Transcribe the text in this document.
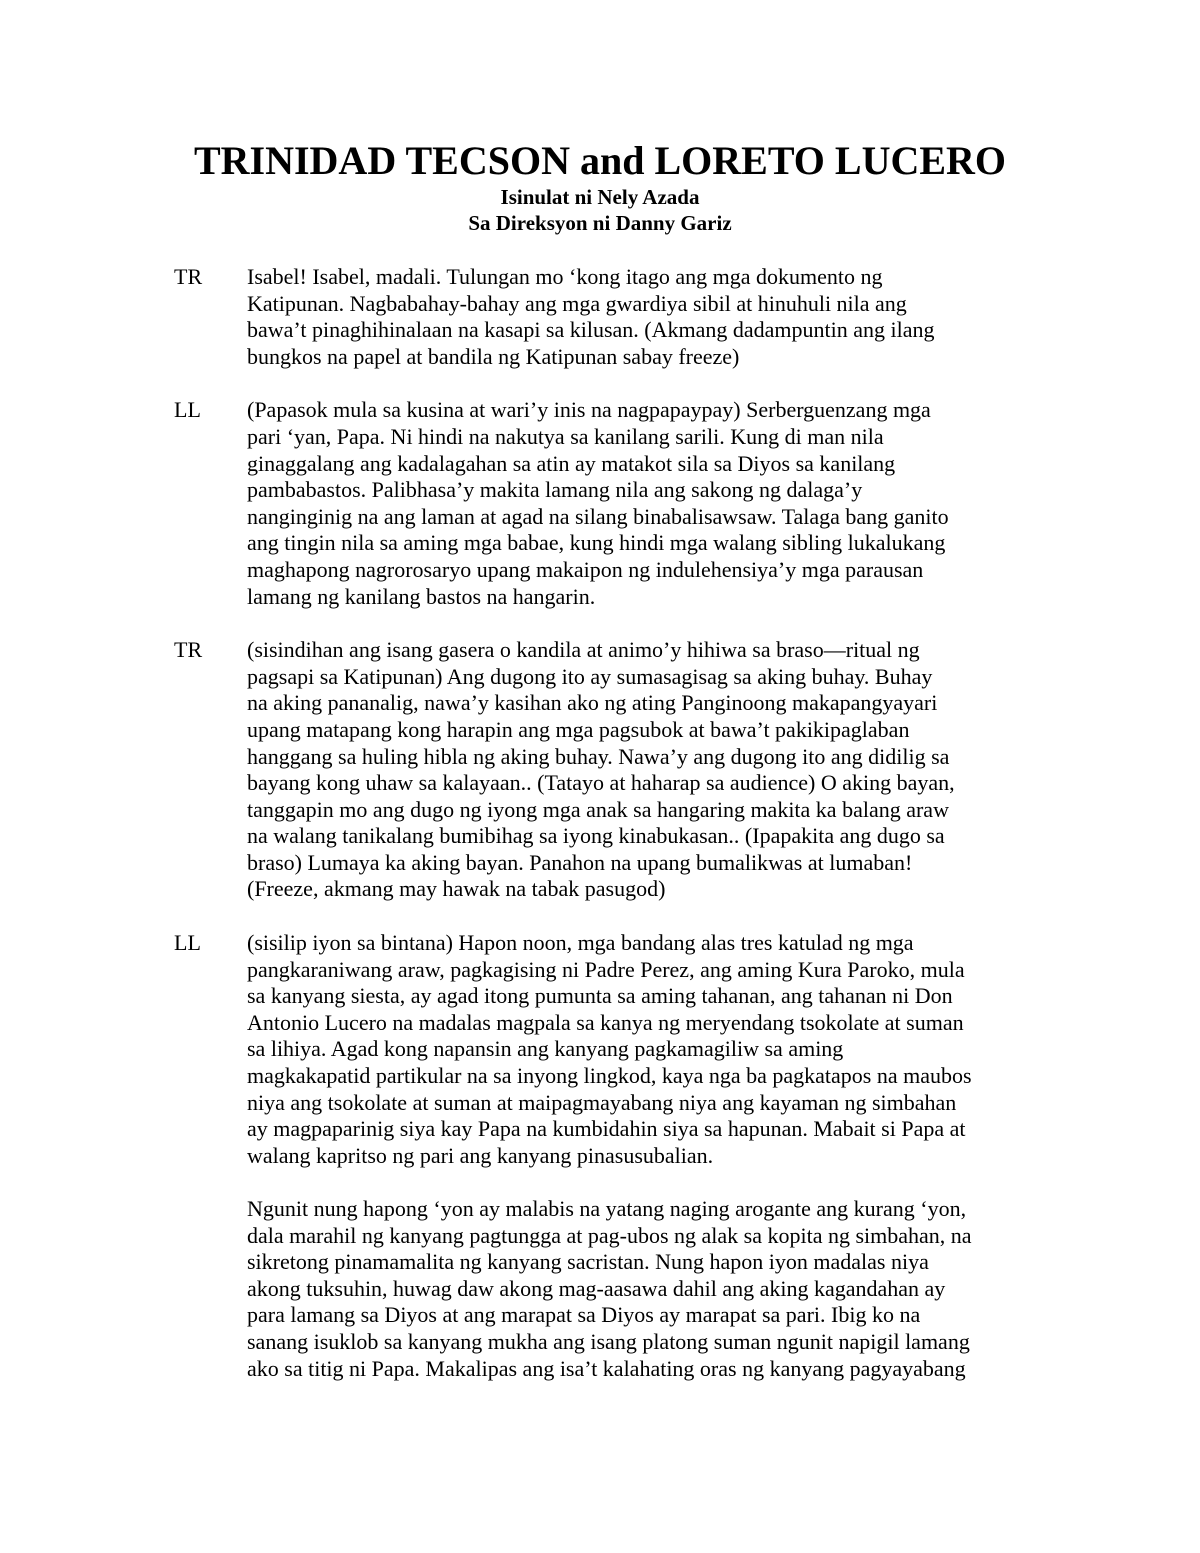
TRINIDAD TECSON and LORETO LUCERO
Isinulat ni Nely Azada
Sa Direksyon ni Danny Gariz
TR	Isabel! Isabel, madali. Tulungan mo ‘kong itago ang mga dokumento ng
Katipunan. Nagbabahay-bahay ang mga gwardiya sibil at hinuhuli nila ang
bawa’t pinaghihinalaan na kasapi sa kilusan. (Akmang dadampuntin ang ilang
bungkos na papel at bandila ng Katipunan sabay freeze)
LL	(Papasok mula sa kusina at wari’y inis na nagpapaypay) Serberguenzang mga
pari ‘yan, Papa. Ni hindi na nakutya sa kanilang sarili. Kung di man nila
ginaggalang ang kadalagahan sa atin ay matakot sila sa Diyos sa kanilang
pambabastos. Palibhasa’y makita lamang nila ang sakong ng dalaga’y
nanginginig na ang laman at agad na silang binabalisawsaw. Talaga bang ganito
ang tingin nila sa aming mga babae, kung hindi mga walang sibling lukalukang
maghapong nagrorosaryo upang makaipon ng indulehensiya’y mga parausan
lamang ng kanilang bastos na hangarin.
TR	(sisindihan ang isang gasera o kandila at animo’y hihiwa sa braso—ritual ng
pagsapi sa Katipunan) Ang dugong ito ay sumasagisag sa aking buhay. Buhay
na aking pananalig, nawa’y kasihan ako ng ating Panginoong makapangyayari
upang matapang kong harapin ang mga pagsubok at bawa’t pakikipaglaban
hanggang sa huling hibla ng aking buhay. Nawa’y ang dugong ito ang didilig sa
bayang kong uhaw sa kalayaan.. (Tatayo at haharap sa audience) O aking bayan,
tanggapin mo ang dugo ng iyong mga anak sa hangaring makita ka balang araw
na walang tanikalang bumibihag sa iyong kinabukasan.. (Ipapakita ang dugo sa
braso) Lumaya ka aking bayan. Panahon na upang bumalikwas at lumaban!
(Freeze, akmang may hawak na tabak pasugod)
LL	(sisilip iyon sa bintana) Hapon noon, mga bandang alas tres katulad ng mga
pangkaraniwang araw, pagkagising ni Padre Perez, ang aming Kura Paroko, mula
sa kanyang siesta, ay agad itong pumunta sa aming tahanan, ang tahanan ni Don
Antonio Lucero na madalas magpala sa kanya ng meryendang tsokolate at suman
sa lihiya. Agad kong napansin ang kanyang pagkamagiliw sa aming
magkakapatid partikular na sa inyong lingkod, kaya nga ba pagkatapos na maubos
niya ang tsokolate at suman at maipagmayabang niya ang kayaman ng simbahan
ay magpaparinig siya kay Papa na kumbidahin siya sa hapunan. Mabait si Papa at
walang kapritso ng pari ang kanyang pinasusubalian.
Ngunit nung hapong ‘yon ay malabis na yatang naging arogante ang kurang ‘yon,
dala marahil ng kanyang pagtungga at pag-ubos ng alak sa kopita ng simbahan, na
sikretong pinamamalita ng kanyang sacristan. Nung hapon iyon madalas niya
akong tuksuhin, huwag daw akong mag-aasawa dahil ang aking kagandahan ay
para lamang sa Diyos at ang marapat sa Diyos ay marapat sa pari. Ibig ko na
sanang isuklob sa kanyang mukha ang isang platong suman ngunit napigil lamang
ako sa titig ni Papa. Makalipas ang isa’t kalahating oras ng kanyang pagyayabang
